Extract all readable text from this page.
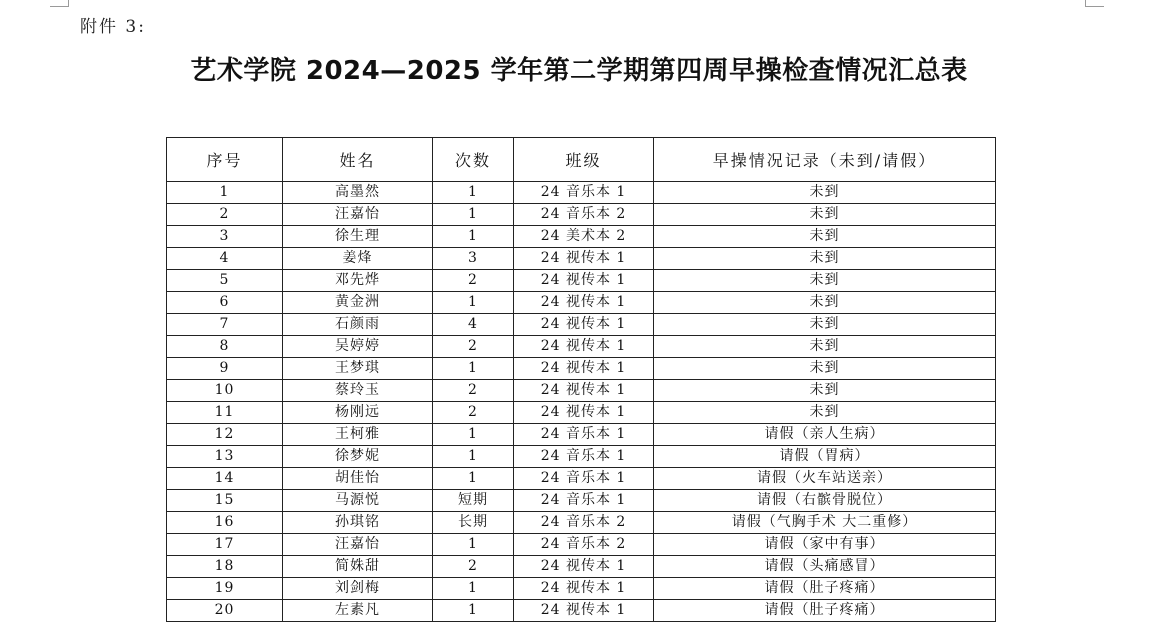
附件 3:
艺术学院 2024—2025 学年第二学期第四周早操检查情况汇总表
序号	姓名	次数	班级	早操情况记录（未到/请假）
1	高墨然	1	24 音乐本 1	未到
2	汪嘉怡	1	24 音乐本 2	未到
3	徐生理	1	24 美术本 2	未到
4	姜烽	3	24 视传本 1	未到
5	邓先烨	2	24 视传本 1	未到
6	黄金洲	1	24 视传本 1	未到
7	石颜雨	4	24 视传本 1	未到
8	吴婷婷	2	24 视传本 1	未到
9	王梦琪	1	24 视传本 1	未到
10	蔡玲玉	2	24 视传本 1	未到
11	杨刚远	2	24 视传本 1	未到
12	王柯雅	1	24 音乐本 1	请假（亲人生病）
13	徐梦妮	1	24 音乐本 1	请假（胃病）
14	胡佳怡	1	24 音乐本 1	请假（火车站送亲）
15	马源悦	短期	24 音乐本 1	请假（右髌骨脱位）
16	孙琪铭	长期	24 音乐本 2	请假（气胸手术 大二重修）
17	汪嘉怡	1	24 音乐本 2	请假（家中有事）
18	简姝甜	2	24 视传本 1	请假（头痛感冒）
19	刘剑梅	1	24 视传本 1	请假（肚子疼痛）
20	左素凡	1	24 视传本 1	请假（肚子疼痛）
